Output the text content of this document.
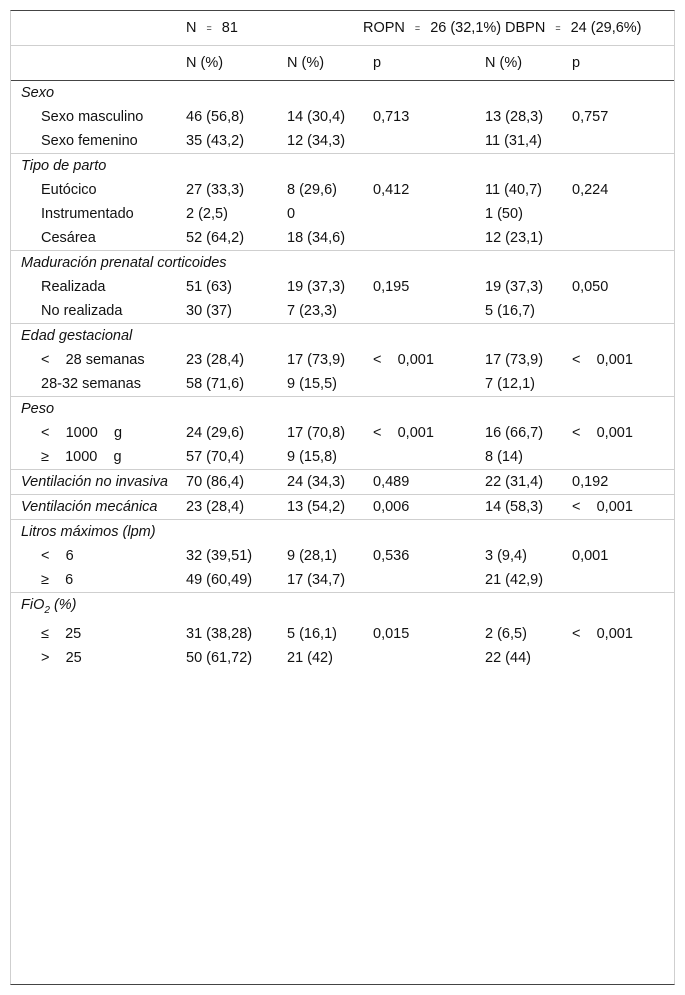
	N = 81		ROPN = 26 (32,1%)	DBPN = 24 (29,6%)	
	N (%)	N (%)	p	N (%)	p
Sexo					
Sexo masculino	46 (56,8)	14 (30,4)	0,713	13 (28,3)	0,757
Sexo femenino	35 (43,2)	12 (34,3)		11 (31,4)	
Tipo de parto					
Eutócico	27 (33,3)	8 (29,6)	0,412	11 (40,7)	0,224
Instrumentado	2 (2,5)	0		1 (50)	
Cesárea	52 (64,2)	18 (34,6)		12 (23,1)	
Maduración prenatal corticoides					
Realizada	51 (63)	19 (37,3)	0,195	19 (37,3)	0,050
No realizada	30 (37)	7 (23,3)		5 (16,7)	
Edad gestacional					
<    28 semanas	23 (28,4)	17 (73,9)	<    0,001	17 (73,9)	<    0,001
28-32 semanas	58 (71,6)	9 (15,5)		7 (12,1)	
Peso					
<    1000    g	24 (29,6)	17 (70,8)	<    0,001	16 (66,7)	<    0,001
≥    1000    g	57 (70,4)	9 (15,8)		8 (14)	
Ventilación no invasiva	70 (86,4)	24 (34,3)	0,489	22 (31,4)	0,192
Ventilación mecánica	23 (28,4)	13 (54,2)	0,006	14 (58,3)	<    0,001
Litros máximos (lpm)					
<    6	32 (39,51)	9 (28,1)	0,536	3 (9,4)	0,001
≥    6	49 (60,49)	17 (34,7)		21 (42,9)	
FiO$_2$ (%)					
≤    25	31 (38,28)	5 (16,1)	0,015	2 (6,5)	<    0,001
>    25	50 (61,72)	21 (42)		22 (44)	
